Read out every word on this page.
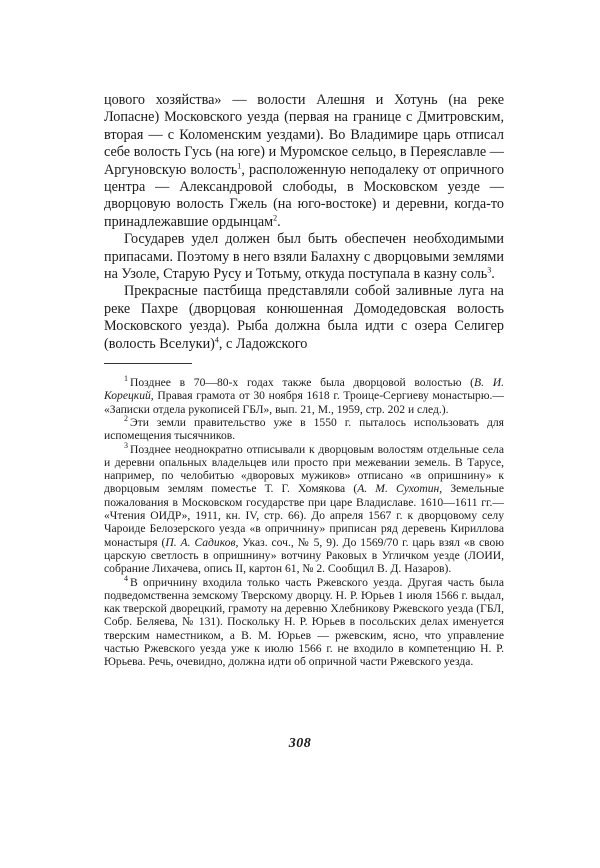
цового хозяйства» — волости Алешня и Хотунь (на реке Лопасне) Московского уезда (первая на границе с Дмитровским, вторая — с Коломенским уездами). Во Владимире царь отписал себе волость Гусь (на юге) и Муромское сельцо, в Переяславле — Аргуновскую волость$^1$, расположенную неподалеку от опричного центра — Александровой слободы, в Московском уезде — дворцовую волость Гжель (на юго-востоке) и деревни, когда-то принадлежавшие ордынцам$^2$.

Государев удел должен был быть обеспечен необходимыми припасами. Поэтому в него взяли Балахну с дворцовыми землями на Узоле, Старую Русу и Тотьму, откуда поступала в казну соль$^3$.

Прекрасные пастбища представляли собой заливные луга на реке Пахре (дворцовая конюшенная Домодедовская волость Московского уезда). Рыба должна была идти с озера Селигер (волость Вселуки)$^4$, с Ладожского

$^1$ Позднее в 70—80-х годах также была дворцовой волостью (В. И. Корецкий, Правая грамота от 30 ноября 1618 г. Троице-Сергиеву монастырю.— «Записки отдела рукописей ГБЛ», вып. 21, М., 1959, стр. 202 и след.).

$^2$ Эти земли правительство уже в 1550 г. пыталось использовать для испомещения тысячников.

$^3$ Позднее неоднократно отписывали к дворцовым волостям отдельные села и деревни опальных владельцев или просто при межевании земель. В Тарусе, например, по челобитью «дворовых мужиков» отписано «в опришнину» к дворцовым землям поместье Т. Г. Хомякова (А. М. Сухотин, Земельные пожалования в Московском государстве при царе Владиславе. 1610—1611 гг.— «Чтения ОИДР», 1911, кн. IV, стр. 66). До апреля 1567 г. к дворцовому селу Чароиде Белозерского уезда «в опричнину» приписан ряд деревень Кириллова монастыря (П. А. Садиков, Указ. соч., № 5, 9). До 1569/70 г. царь взял «в свою царскую светлость в опришнину» вотчину Раковых в Угличком уезде (ЛОИИ, собрание Лихачева, опись II, картон 61, № 2. Сообщил В. Д. Назаров).

$^4$ В опричнину входила только часть Ржевского уезда. Другая часть была подведомственна земскому Тверскому дворцу. Н. Р. Юрьев 1 июля 1566 г. выдал, как тверской дворецкий, грамоту на деревню Хлебникову Ржевского уезда (ГБЛ, Собр. Беляева, № 131). Поскольку Н. Р. Юрьев в посольских делах именуется тверским наместником, а В. М. Юрьев — ржевским, ясно, что управление частью Ржевского уезда уже к июлю 1566 г. не входило в компетенцию Н. Р. Юрьева. Речь, очевидно, должна идти об опричной части Ржевского уезда.

308
